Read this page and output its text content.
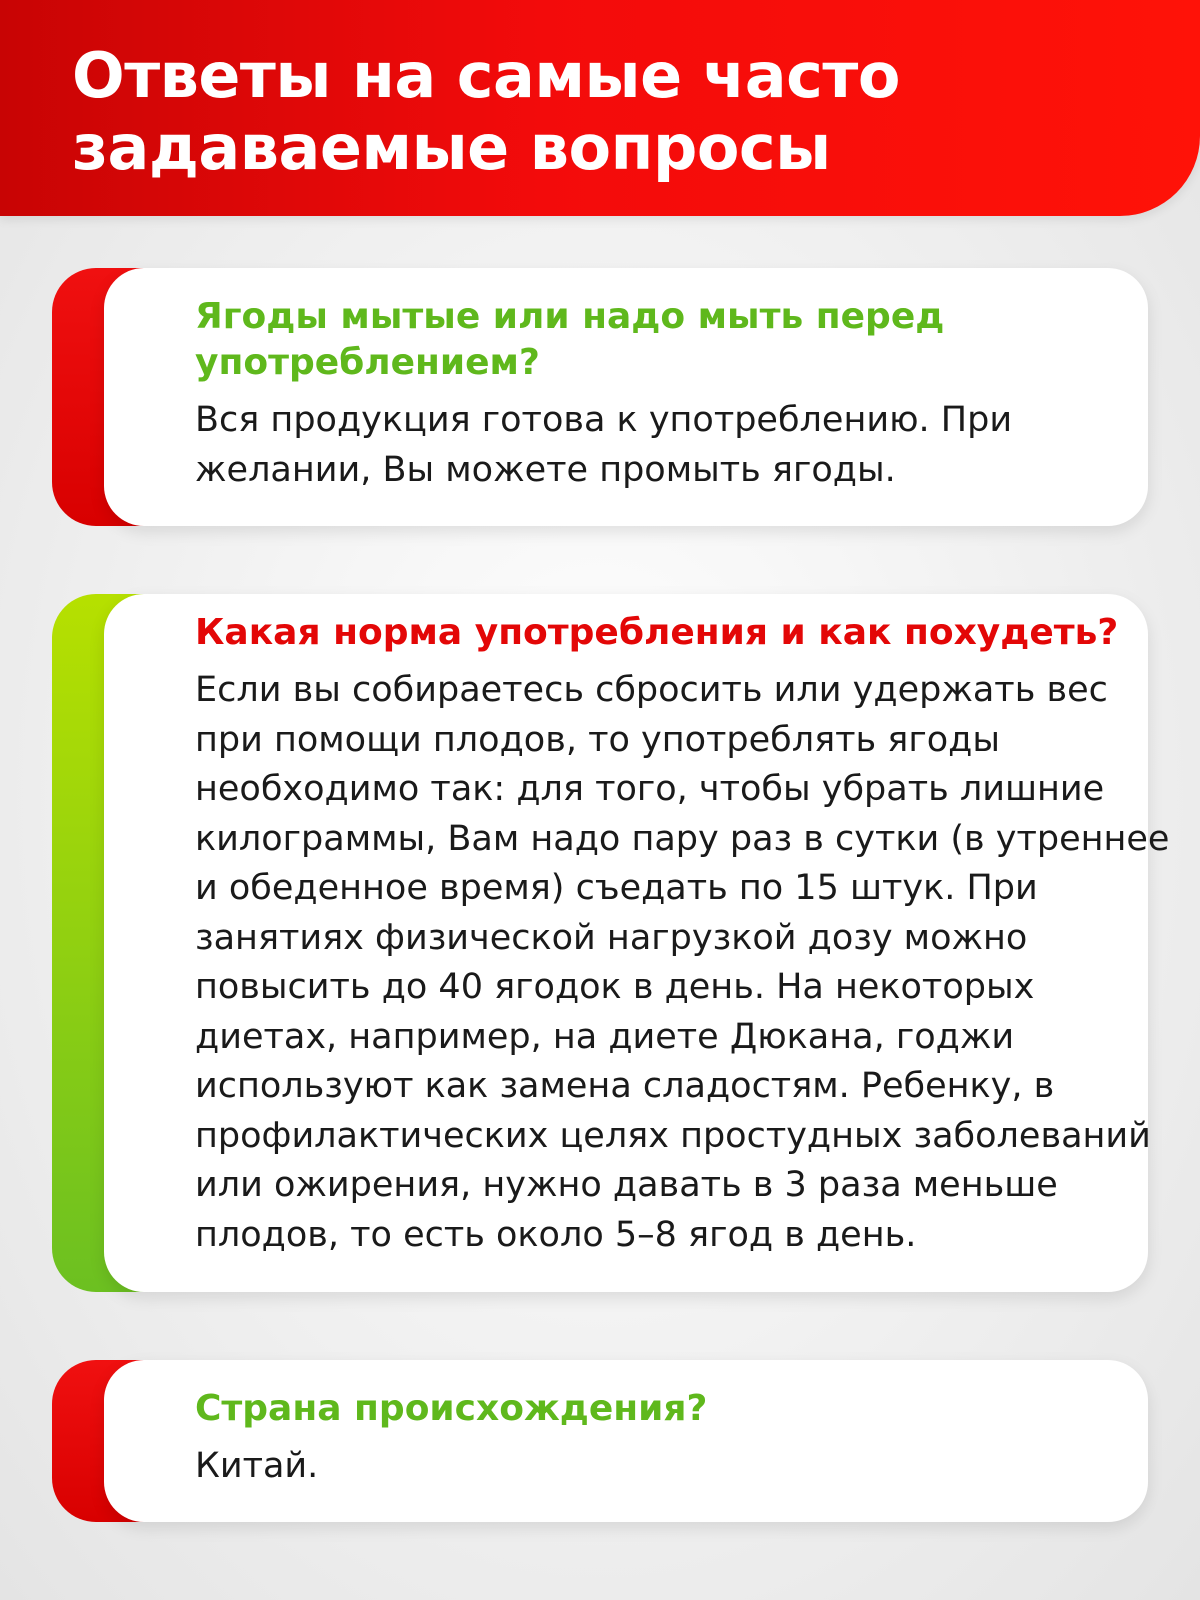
Ответы на самые часто задаваемые вопросы
Ягоды мытые или надо мыть перед употреблением?

Вся продукция готова к употреблению. При желании, Вы можете промыть ягоды.

Какая норма употребления и как похудеть?

Если вы собираетесь сбросить или удержать вес при помощи плодов, то употреблять ягоды необходимо так: для того, чтобы убрать лишние килограммы, Вам надо пару раз в сутки (в утреннее и обеденное время) съедать по 15 штук. При занятиях физической нагрузкой дозу можно повысить до 40 ягодок в день. На некоторых диетах, например, на диете Дюкана, годжи используют как замена сладостям. Ребенку, в профилактических целях простудных заболеваний или ожирения, нужно давать в 3 раза меньше плодов, то есть около 5–8 ягод в день.

Страна происхождения?

Китай.
